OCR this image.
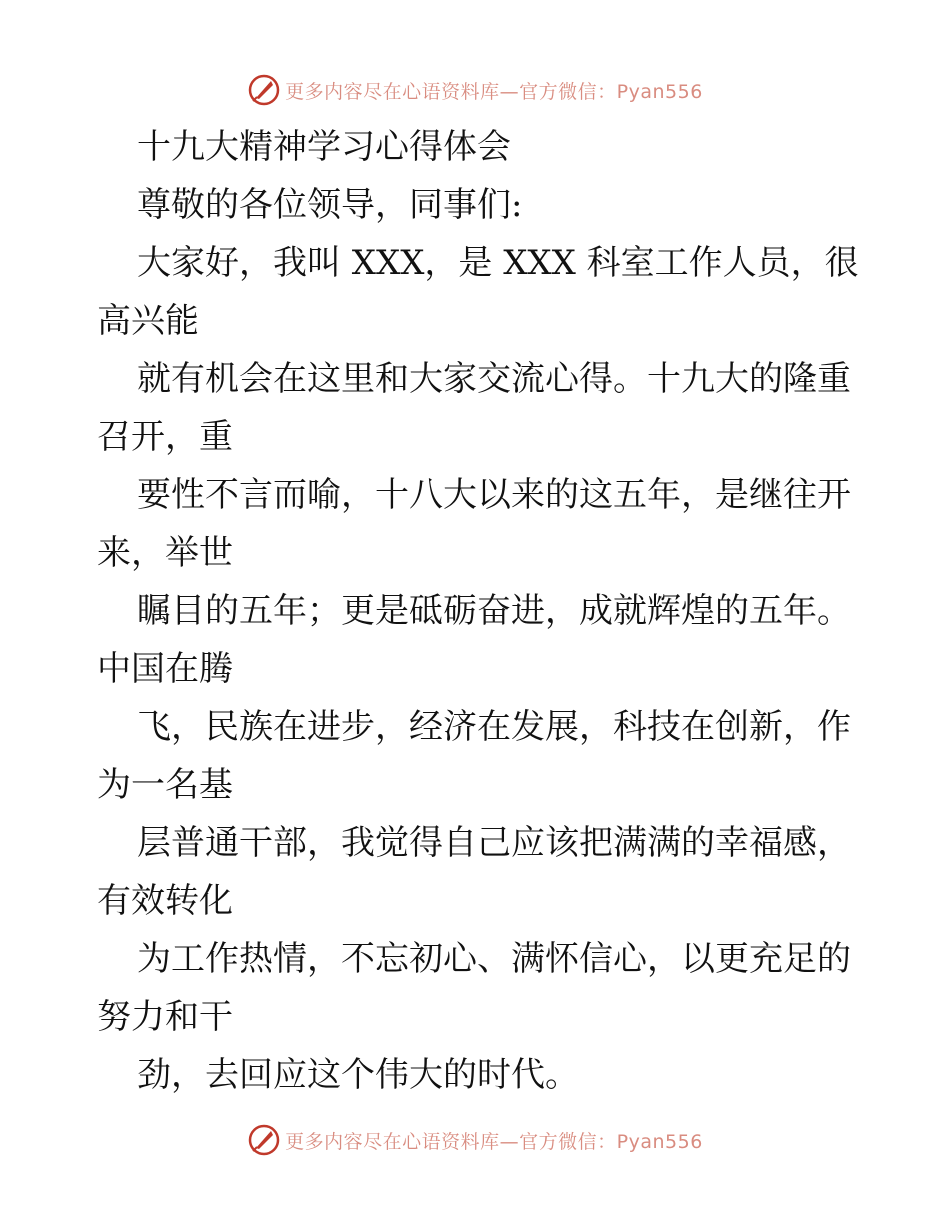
更多内容尽在心语资料库—官方微信：Pyan556
十九大精神学习心得体会
尊敬的各位领导，同事们:
大家好，我叫 XXX，是 XXX 科室工作人员，很
高兴能
就有机会在这里和大家交流心得。十九大的隆重
召开，重
要性不言而喻，十八大以来的这五年，是继往开
来，举世
瞩目的五年；更是砥砺奋进，成就辉煌的五年。
中国在腾
飞，民族在进步，经济在发展，科技在创新，作
为一名基
层普通干部，我觉得自己应该把满满的幸福感，
有效转化
为工作热情，不忘初心、满怀信心，以更充足的
努力和干
劲，去回应这个伟大的时代。
更多内容尽在心语资料库—官方微信：Pyan556
